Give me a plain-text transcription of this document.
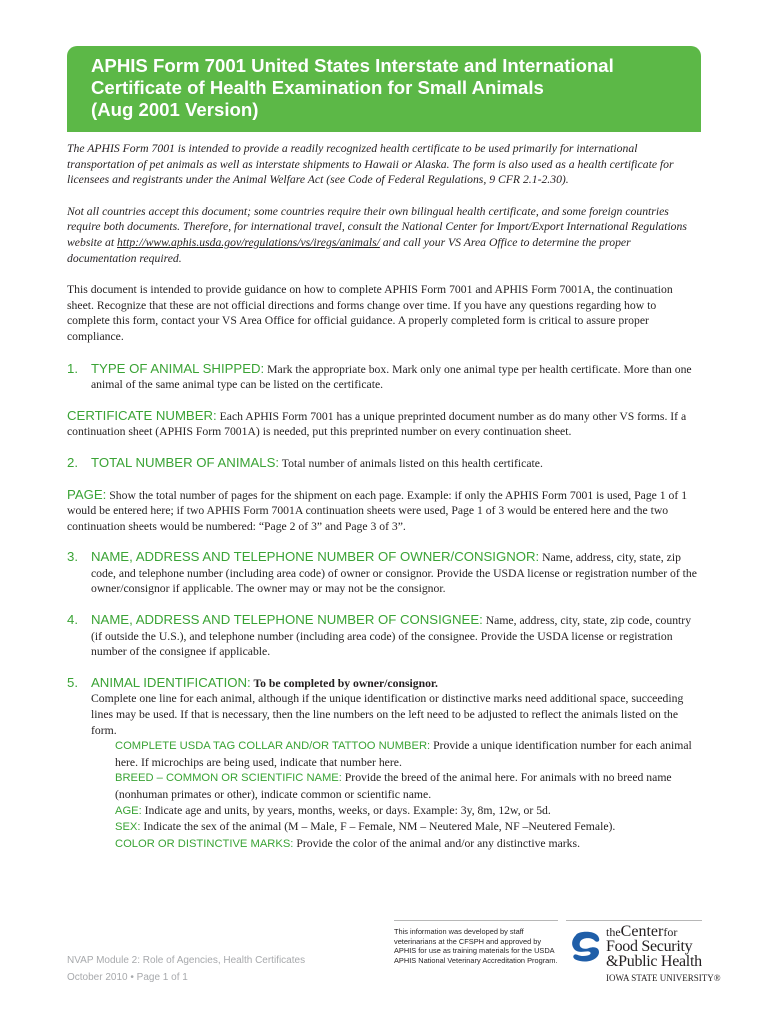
APHIS Form 7001 United States Interstate and International
Certificate of Health Examination for Small Animals
(Aug 2001 Version)
The APHIS Form 7001 is intended to provide a readily recognized health certificate to be used primarily for international transportation of pet animals as well as interstate shipments to Hawaii or Alaska. The form is also used as a health certificate for licensees and registrants under the Animal Welfare Act (see Code of Federal Regulations, 9 CFR 2.1-2.30).
Not all countries accept this document; some countries require their own bilingual health certificate, and some foreign countries require both documents. Therefore, for international travel, consult the National Center for Import/Export International Regulations website at http://www.aphis.usda.gov/regulations/vs/iregs/animals/ and call your VS Area Office to determine the proper documentation required.
This document is intended to provide guidance on how to complete APHIS Form 7001 and APHIS Form 7001A, the continuation sheet. Recognize that these are not official directions and forms change over time. If you have any questions regarding how to complete this form, contact your VS Area Office for official guidance. A properly completed form is critical to assure proper compliance.
1. TYPE OF ANIMAL SHIPPED: Mark the appropriate box. Mark only one animal type per health certificate. More than one animal of the same animal type can be listed on the certificate.
CERTIFICATE NUMBER: Each APHIS Form 7001 has a unique preprinted document number as do many other VS forms. If a continuation sheet (APHIS Form 7001A) is needed, put this preprinted number on every continuation sheet.
2. TOTAL NUMBER OF ANIMALS: Total number of animals listed on this health certificate.
PAGE: Show the total number of pages for the shipment on each page. Example: if only the APHIS Form 7001 is used, Page 1 of 1 would be entered here; if two APHIS Form 7001A continuation sheets were used, Page 1 of 3 would be entered here and the two continuation sheets would be numbered: “Page 2 of 3” and Page 3 of 3”.
3. NAME, ADDRESS AND TELEPHONE NUMBER OF OWNER/CONSIGNOR: Name, address, city, state, zip code, and telephone number (including area code) of owner or consignor. Provide the USDA license or registration number of the owner/consignor if applicable. The owner may or may not be the consignor.
4. NAME, ADDRESS AND TELEPHONE NUMBER OF CONSIGNEE: Name, address, city, state, zip code, country (if outside the U.S.), and telephone number (including area code) of the consignee. Provide the USDA license or registration number of the consignee if applicable.
5. ANIMAL IDENTIFICATION: To be completed by owner/consignor.
Complete one line for each animal, although if the unique identification or distinctive marks need additional space, succeeding lines may be used. If that is necessary, then the line numbers on the left need to be adjusted to reflect the animals listed on the form.
COMPLETE USDA TAG COLLAR AND/OR TATTOO NUMBER: Provide a unique identification number for each animal here. If microchips are being used, indicate that number here.
BREED – COMMON OR SCIENTIFIC NAME: Provide the breed of the animal here. For animals with no breed name (nonhuman primates or other), indicate common or scientific name.
AGE: Indicate age and units, by years, months, weeks, or days. Example: 3y, 8m, 12w, or 5d.
SEX: Indicate the sex of the animal (M – Male, F – Female, NM – Neutered Male, NF –Neutered Female).
COLOR OR DISTINCTIVE MARKS: Provide the color of the animal and/or any distinctive marks.
NVAP Module 2: Role of Agencies, Health Certificates
October 2010 • Page 1 of 1
This information was developed by staff veterinarians at the CFSPH and approved by APHIS for use as training materials for the USDA APHIS National Veterinary Accreditation Program.
theCenterfor
Food Security
&Public Health
IOWA STATE UNIVERSITY®
